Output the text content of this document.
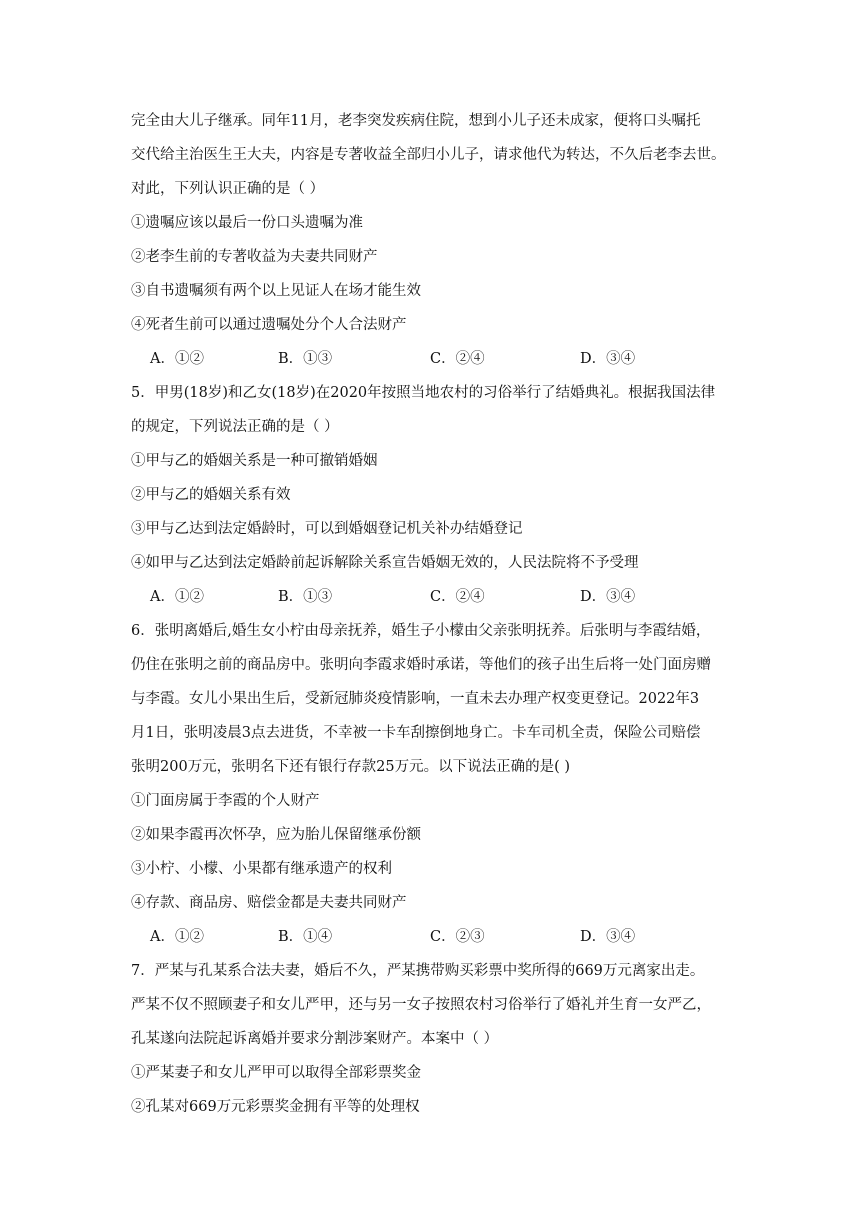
完全由大儿子继承。同年11月，老李突发疾病住院，想到小儿子还未成家，便将口头嘱托
交代给主治医生王大夫，内容是专著收益全部归小儿子，请求他代为转达，不久后老李去世。
对此，下列认识正确的是（ ）
①遗嘱应该以最后一份口头遗嘱为准
②老李生前的专著收益为夫妻共同财产
③自书遗嘱须有两个以上见证人在场才能生效
④死者生前可以通过遗嘱处分个人合法财产
A．①②	B．①③	C．②④	D．③④
5．甲男(18岁)和乙女(18岁)在2020年按照当地农村的习俗举行了结婚典礼。根据我国法律
的规定，下列说法正确的是（ ）
①甲与乙的婚姻关系是一种可撤销婚姻
②甲与乙的婚姻关系有效
③甲与乙达到法定婚龄时，可以到婚姻登记机关补办结婚登记
④如甲与乙达到法定婚龄前起诉解除关系宣告婚姻无效的，人民法院将不予受理
A．①②	B．①③	C．②④	D．③④
6．张明离婚后,婚生女小柠由母亲抚养，婚生子小檬由父亲张明抚养。后张明与李霞结婚，
仍住在张明之前的商品房中。张明向李霞求婚时承诺，等他们的孩子出生后将一处门面房赠
与李霞。女儿小果出生后，受新冠肺炎疫情影响，一直未去办理产权变更登记。2022年3
月1日，张明凌晨3点去进货，不幸被一卡车刮擦倒地身亡。卡车司机全责，保险公司赔偿
张明200万元，张明名下还有银行存款25万元。以下说法正确的是( )
①门面房属于李霞的个人财产
②如果李霞再次怀孕，应为胎儿保留继承份额
③小柠、小檬、小果都有继承遗产的权利
④存款、商品房、赔偿金都是夫妻共同财产
A．①②	B．①④	C．②③	D．③④
7．严某与孔某系合法夫妻，婚后不久，严某携带购买彩票中奖所得的669万元离家出走。
严某不仅不照顾妻子和女儿严甲，还与另一女子按照农村习俗举行了婚礼并生育一女严乙，
孔某遂向法院起诉离婚并要求分割涉案财产。本案中（ ）
①严某妻子和女儿严甲可以取得全部彩票奖金
②孔某对669万元彩票奖金拥有平等的处理权
